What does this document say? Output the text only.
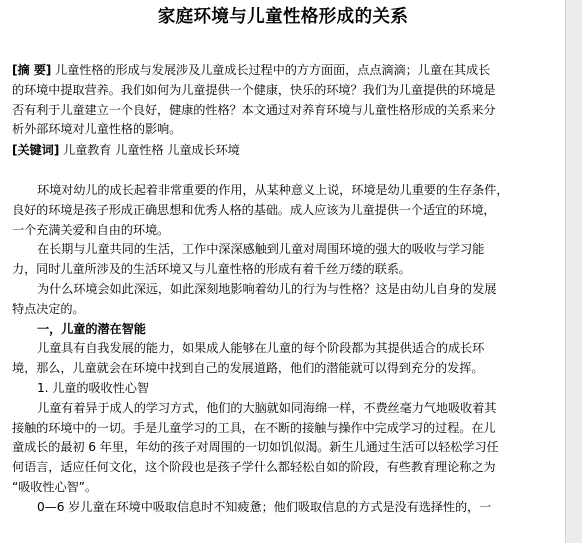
家庭环境与儿童性格形成的关系
[摘 要] 儿童性格的形成与发展涉及儿童成长过程中的方方面面，点点滴滴；儿童在其成长
的环境中提取营养。我们如何为儿童提供一个健康，快乐的环境？我们为儿童提供的环境是
否有利于儿童建立一个良好，健康的性格？本文通过对养育环境与儿童性格形成的关系来分
析外部环境对儿童性格的影响。
[关键词] 儿童教育 儿童性格 儿童成长环境
环境对幼儿的成长起着非常重要的作用，从某种意义上说，环境是幼儿重要的生存条件，
良好的环境是孩子形成正确思想和优秀人格的基础。成人应该为儿童提供一个适宜的环境，
一个充满关爱和自由的环境。
在长期与儿童共同的生活，工作中深深感触到儿童对周围环境的强大的吸收与学习能
力，同时儿童所涉及的生活环境又与儿童性格的形成有着千丝万缕的联系。
为什么环境会如此深远，如此深刻地影响着幼儿的行为与性格？这是由幼儿自身的发展
特点决定的。
一，儿童的潜在智能
儿童具有自我发展的能力，如果成人能够在儿童的每个阶段都为其提供适合的成长环
境，那么，儿童就会在环境中找到自己的发展道路，他们的潜能就可以得到充分的发挥。
1. 儿童的吸收性心智
儿童有着异于成人的学习方式，他们的大脑就如同海绵一样，不费丝毫力气地吸收着其
接触的环境中的一切。手是儿童学习的工具，在不断的接触与操作中完成学习的过程。在儿
童成长的最初 6 年里，年幼的孩子对周围的一切如饥似渴。新生儿通过生活可以轻松学习任
何语言，适应任何文化，这个阶段也是孩子学什么都轻松自如的阶段，有些教育理论称之为
“吸收性心智”。
0—6 岁儿童在环境中吸取信息时不知疲惫；他们吸取信息的方式是没有选择性的，一
